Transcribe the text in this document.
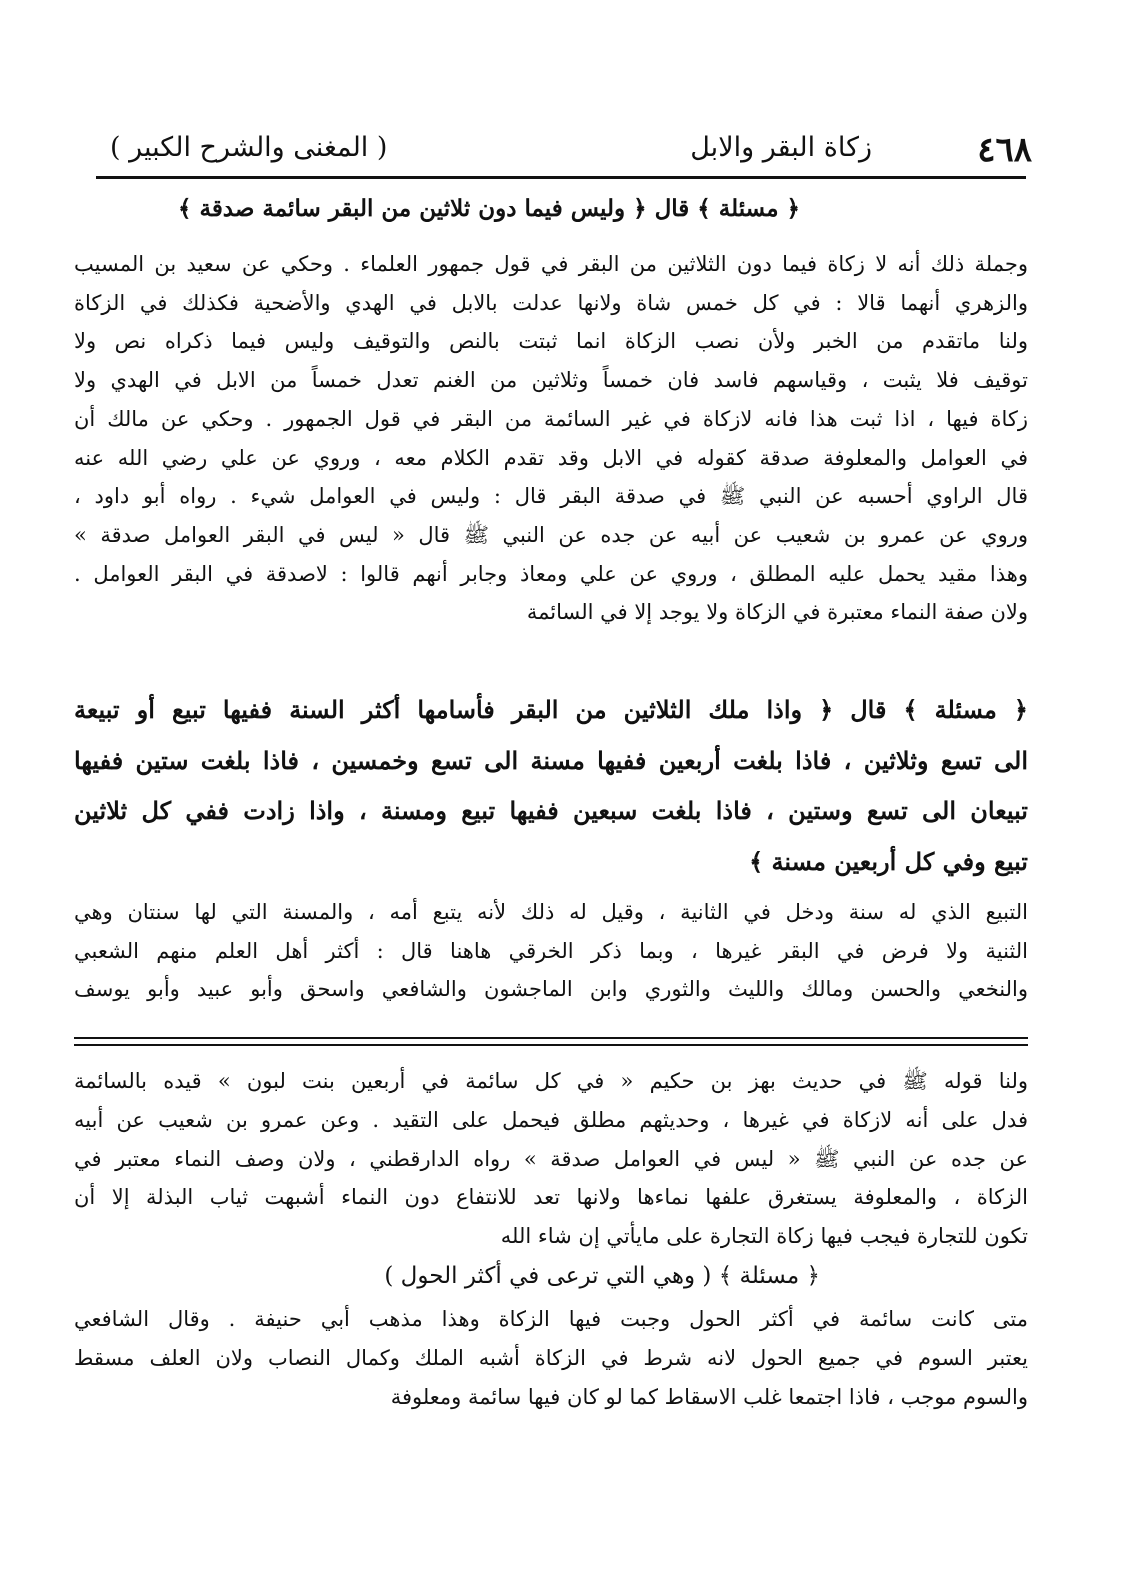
٤٦٨
زكاة البقر والابل
( المغنى والشرح الكبير )
﴿ مسئلة ﴾ قال ﴿ وليس فيما دون ثلاثين من البقر سائمة صدقة ﴾
وجملة ذلك أنه لا زكاة فيما دون الثلاثين من البقر في قول جمهور العلماء . وحكي عن سعيد بن المسيب
والزهري أنهما قالا : في كل خمس شاة ولانها عدلت بالابل في الهدي والأضحية فكذلك في الزكاة
ولنا ماتقدم من الخبر ولأن نصب الزكاة انما ثبتت بالنص والتوقيف وليس فيما ذكراه نص ولا
توقيف فلا يثبت ، وقياسهم فاسد فان خمساً وثلاثين من الغنم تعدل خمساً من الابل في الهدي ولا
زكاة فيها ، اذا ثبت هذا فانه لازكاة في غير السائمة من البقر في قول الجمهور . وحكي عن مالك أن
في العوامل والمعلوفة صدقة كقوله في الابل وقد تقدم الكلام معه ، وروي عن علي رضي الله عنه
قال الراوي أحسبه عن النبي ﷺ في صدقة البقر قال : وليس في العوامل شيء . رواه أبو داود ،
وروي عن عمرو بن شعيب عن أبيه عن جده عن النبي ﷺ قال « ليس في البقر العوامل صدقة »
وهذا مقيد يحمل عليه المطلق ، وروي عن علي ومعاذ وجابر أنهم قالوا : لاصدقة في البقر العوامل .
ولان صفة النماء معتبرة في الزكاة ولا يوجد إلا في السائمة
﴿ مسئلة ﴾ قال ﴿ واذا ملك الثلاثين من البقر فأسامها أكثر السنة ففيها تبيع أو تبيعة
الى تسع وثلاثين ، فاذا بلغت أربعين ففيها مسنة الى تسع وخمسين ، فاذا بلغت ستين ففيها
تبيعان الى تسع وستين ، فاذا بلغت سبعين ففيها تبيع ومسنة ، واذا زادت ففي كل ثلاثين
تبيع وفي كل أربعين مسنة ﴾
التبيع الذي له سنة ودخل في الثانية ، وقيل له ذلك لأنه يتبع أمه ، والمسنة التي لها سنتان وهي
الثنية ولا فرض في البقر غيرها ، وبما ذكر الخرقي هاهنا قال : أكثر أهل العلم منهم الشعبي
والنخعي والحسن ومالك والليث والثوري وابن الماجشون والشافعي واسحق وأبو عبيد وأبو يوسف
ولنا قوله ﷺ في حديث بهز بن حكيم « في كل سائمة في أربعين بنت لبون » قيده بالسائمة
فدل على أنه لازكاة في غيرها ، وحديثهم مطلق فيحمل على التقيد . وعن عمرو بن شعيب عن أبيه
عن جده عن النبي ﷺ « ليس في العوامل صدقة » رواه الدارقطني ، ولان وصف النماء معتبر في
الزكاة ، والمعلوفة يستغرق علفها نماءها ولانها تعد للانتفاع دون النماء أشبهت ثياب البذلة إلا أن
تكون للتجارة فيجب فيها زكاة التجارة على مايأتي إن شاء الله
﴿ مسئلة ﴾ ( وهي التي ترعى في أكثر الحول )
متى كانت سائمة في أكثر الحول وجبت فيها الزكاة وهذا مذهب أبي حنيفة . وقال الشافعي
يعتبر السوم في جميع الحول لانه شرط في الزكاة أشبه الملك وكمال النصاب ولان العلف مسقط
والسوم موجب ، فاذا اجتمعا غلب الاسقاط كما لو كان فيها سائمة ومعلوفة
